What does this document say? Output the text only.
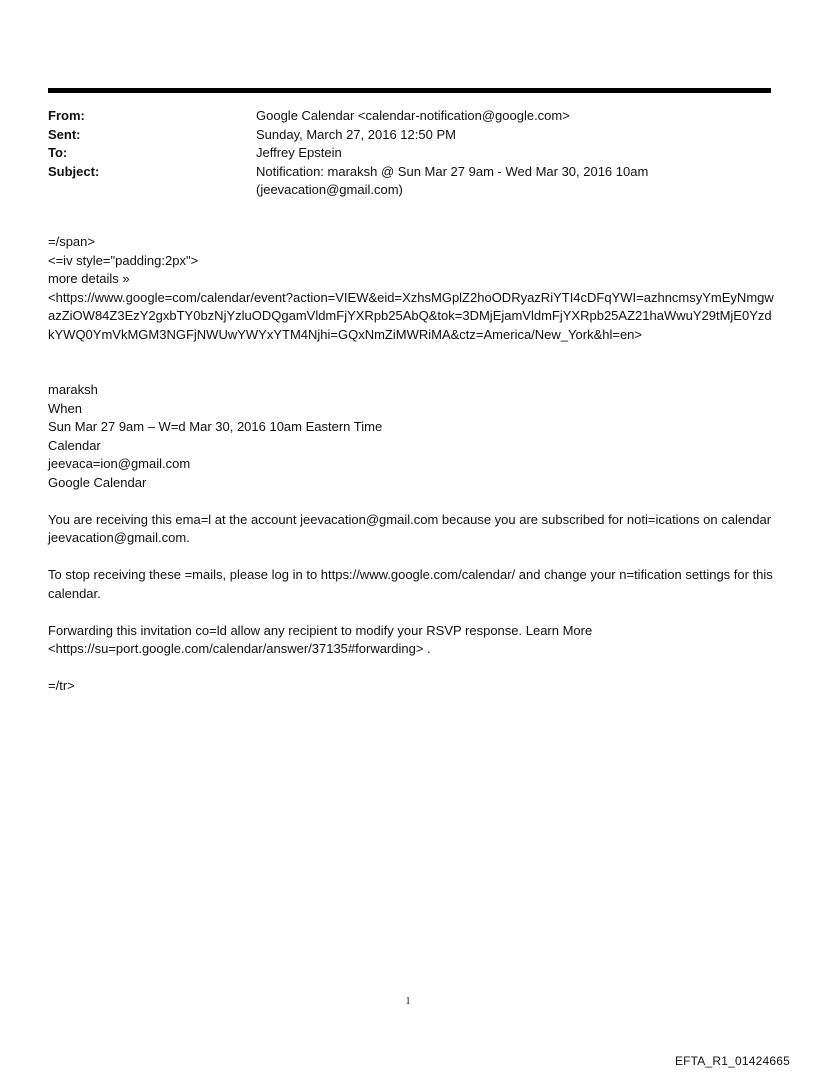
From:	Google Calendar <calendar-notification@google.com>
Sent:	Sunday, March 27, 2016 12:50 PM
To:	Jeffrey Epstein
Subject:	Notification: maraksh @ Sun Mar 27 9am - Wed Mar 30, 2016 10am
(jeevacation@gmail.com)

=/span>

<=iv style="padding:2px">

more details »

<https://www.google=com/calendar/event?action=VIEW&eid=XzhsMGplZ2hoODRyazRiYTI4cDFqYWI=azhncmsyYmEyNmgwazZiOW84Z3EzY2gxbTY0bzNjYzluODQgamVldmFjYXRpb25AbQ&tok=3DMjEjamVldmFjYXRpb25AZ21haWwuY29tMjE0YzdkYWQ0YmVkMGM3NGFjNWUwYWYxYTM4Njhi=GQxNmZiMWRiMA&ctz=America/New_York&hl=en>

maraksh

When

Sun Mar 27 9am – W=d Mar 30, 2016 10am Eastern Time

Calendar

jeevaca=ion@gmail.com

Google Calendar

You are receiving this ema=l at the account jeevacation@gmail.com because you are subscribed for noti=ications on calendar jeevacation@gmail.com.

To stop receiving these =mails, please log in to https://www.google.com/calendar/ and change your n=tification settings for this calendar.

Forwarding this invitation co=ld allow any recipient to modify your RSVP response. Learn More

<https://su=port.google.com/calendar/answer/37135#forwarding> .

=/tr>

1
EFTA_R1_01424665
